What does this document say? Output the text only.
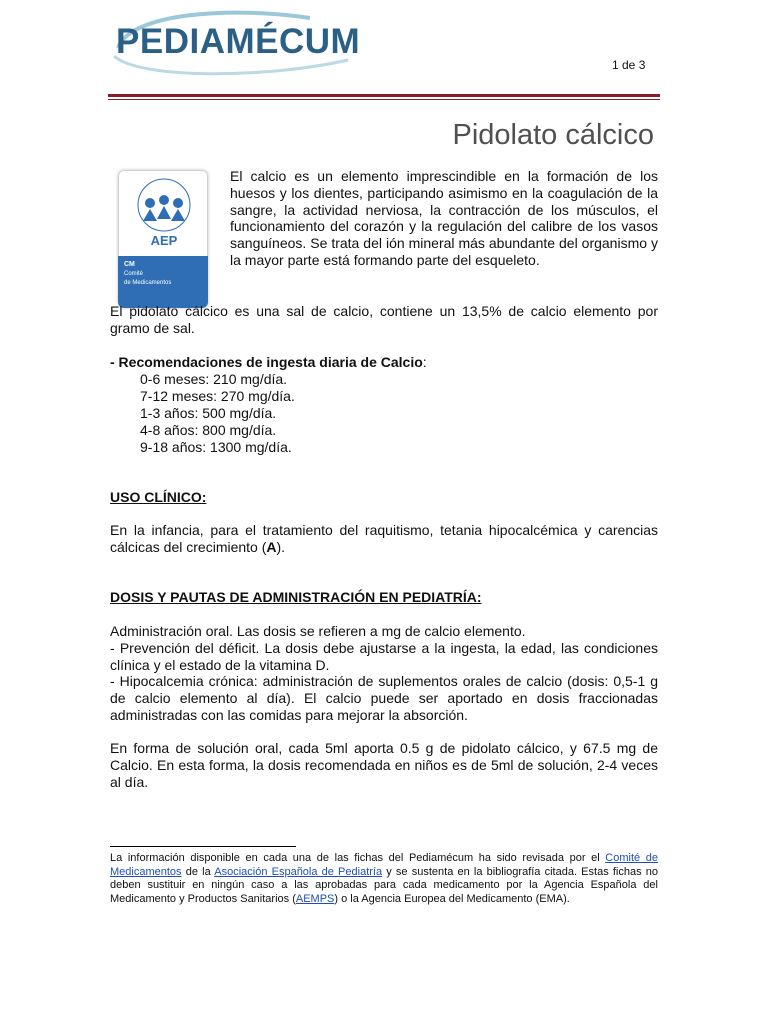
PEDIAMÉCUM
1 de 3
Pidolato cálcico
AEP
CM
Comité
de Medicamentos
El calcio es un elemento imprescindible en la formación de los huesos y los dientes, participando asimismo en la coagulación de la sangre, la actividad nerviosa, la contracción de los músculos, el funcionamiento del corazón y la regulación del calibre de los vasos sanguíneos. Se trata del ión mineral más abundante del organismo y la mayor parte está formando parte del esqueleto.
El pidolato cálcico es una sal de calcio, contiene un 13,5% de calcio elemento por gramo de sal.
- Recomendaciones de ingesta diaria de Calcio:
0-6 meses: 210 mg/día.
7-12 meses: 270 mg/día.
1-3 años: 500 mg/día.
4-8 años: 800 mg/día.
9-18 años: 1300 mg/día.
USO CLÍNICO:
En la infancia, para el tratamiento del raquitismo, tetania hipocalcémica y carencias cálcicas del crecimiento (A).
DOSIS Y PAUTAS DE ADMINISTRACIÓN EN PEDIATRÍA:
Administración oral. Las dosis se refieren a mg de calcio elemento.
- Prevención del déficit. La dosis debe ajustarse a la ingesta, la edad, las condiciones clínica y el estado de la vitamina D.
- Hipocalcemia crónica: administración de suplementos orales de calcio (dosis: 0,5-1 g de calcio elemento al día). El calcio puede ser aportado en dosis fraccionadas administradas con las comidas para mejorar la absorción.
En forma de solución oral, cada 5ml aporta 0.5 g de pidolato cálcico, y 67.5 mg de Calcio. En esta forma, la dosis recomendada en niños es de 5ml de solución, 2-4 veces al día.
La información disponible en cada una de las fichas del Pediamécum ha sido revisada por el Comité de Medicamentos de la Asociación Española de Pediatría y se sustenta en la bibliografía citada. Estas fichas no deben sustituir en ningún caso a las aprobadas para cada medicamento por la Agencia Española del Medicamento y Productos Sanitarios (AEMPS) o la Agencia Europea del Medicamento (EMA).
